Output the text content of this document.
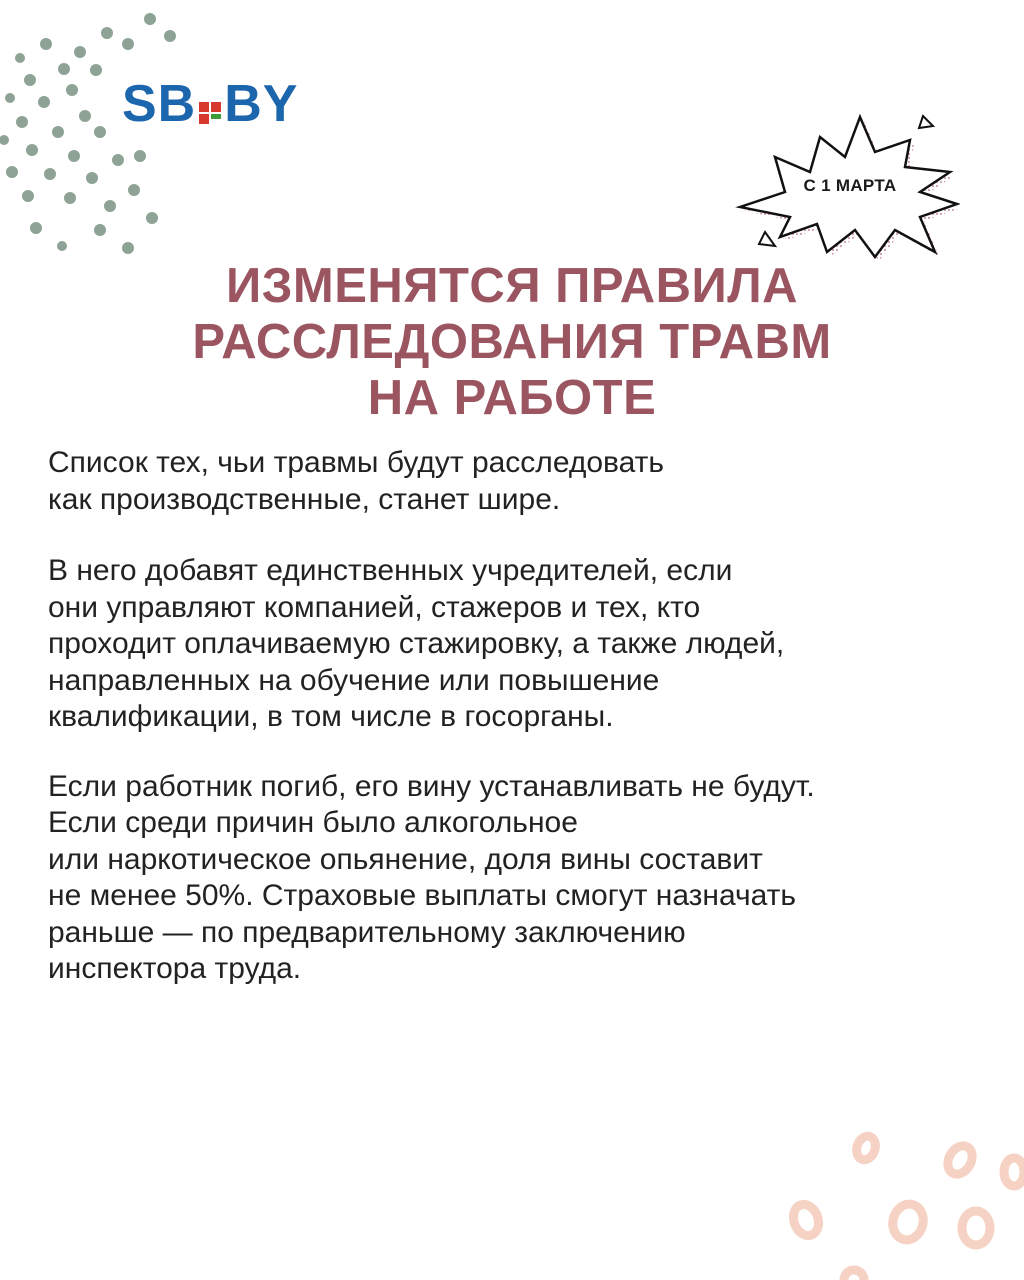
SB BY
С 1 МАРТА
ИЗМЕНЯТСЯ ПРАВИЛА
РАССЛЕДОВАНИЯ ТРАВМ
НА РАБОТЕ

Список тех, чьи травмы будут расследовать
как производственные, станет шире.

В него добавят единственных учредителей, если
они управляют компанией, стажеров и тех, кто
проходит оплачиваемую стажировку, а также людей,
направленных на обучение или повышение
квалификации, в том числе в госорганы.

Если работник погиб, его вину устанавливать не будут.
Если среди причин было алкогольное
или наркотическое опьянение, доля вины составит
не менее 50%. Страховые выплаты смогут назначать
раньше — по предварительному заключению
инспектора труда.
